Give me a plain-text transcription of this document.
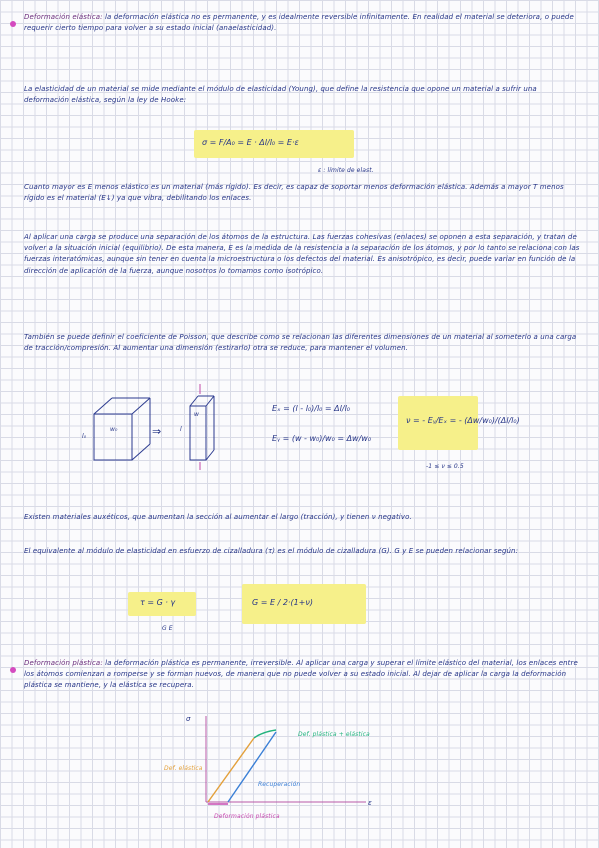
Deformación elástica: la deformación elástica no es permanente, y es idealmente reversible infinitamente. En realidad el material se deteriora, o puede requerir cierto tiempo para volver a su estado inicial (anaelasticidad).
La elasticidad de un material se mide mediante el módulo de elasticidad (Young), que define la resistencia que opone un material a sufrir una deformación elástica, según la ley de Hooke:
σ = F/A₀ = E · Δl/l₀ = E·ε
ε : límite de elast.
Cuanto mayor es E menos elástico es un material (más rígido). Es decir, es capaz de soportar menos deformación elástica. Además a mayor T menos rígido es el material (E↓) ya que vibra, debilitando los enlaces.
Al aplicar una carga se produce una separación de los átomos de la estructura. Las fuerzas cohesivas (enlaces) se oponen a esta separación, y tratan de volver a la situación inicial (equilibrio). De esta manera, E es la medida de la resistencia a la separación de los átomos, y por lo tanto se relaciona con las fuerzas interatómicas, aunque sin tener en cuenta la microestructura o los defectos del material. Es anisotrópico, es decir, puede variar en función de la dirección de aplicación de la fuerza, aunque nosotros lo tomamos como isotrópico.
También se puede definir el coeficiente de Poisson, que describe como se relacionan las diferentes dimensiones de un material al someterlo a una carga de tracción/compresión. Al aumentar una dimensión (estirarlo) otra se reduce, para mantener el volumen.
w₀
l₀	⇒	l
w
Eₓ = (l - l₀)/l₀ = Δl/l₀
Eᵧ = (w - w₀)/w₀ = Δw/w₀
ν = - Eᵧ/Eₓ = - (Δw/w₀)/(Δl/l₀)
-1 ≤ ν ≤ 0.5
Existen materiales auxéticos, que aumentan la sección al aumentar el largo (tracción), y tienen ν negativo.
El equivalente al módulo de elasticidad en esfuerzo de cizalladura (τ) es el módulo de cizalladura (G). G y E se pueden relacionar según:
τ = G · γ
G E
G = E / 2·(1+ν)
Deformación plástica: la deformación plástica es permanente, irreversible. Al aplicar una carga y superar el límite elástico del material, los enlaces entre los átomos comienzan a romperse y se forman nuevos, de manera que no puede volver a su estado inicial. Al dejar de aplicar la carga la deformación plástica se mantiene, y la elástica se recupera.
σ
ε
Def. plástica + elástica
Def. elástica
Recuperación
Deformación plástica
